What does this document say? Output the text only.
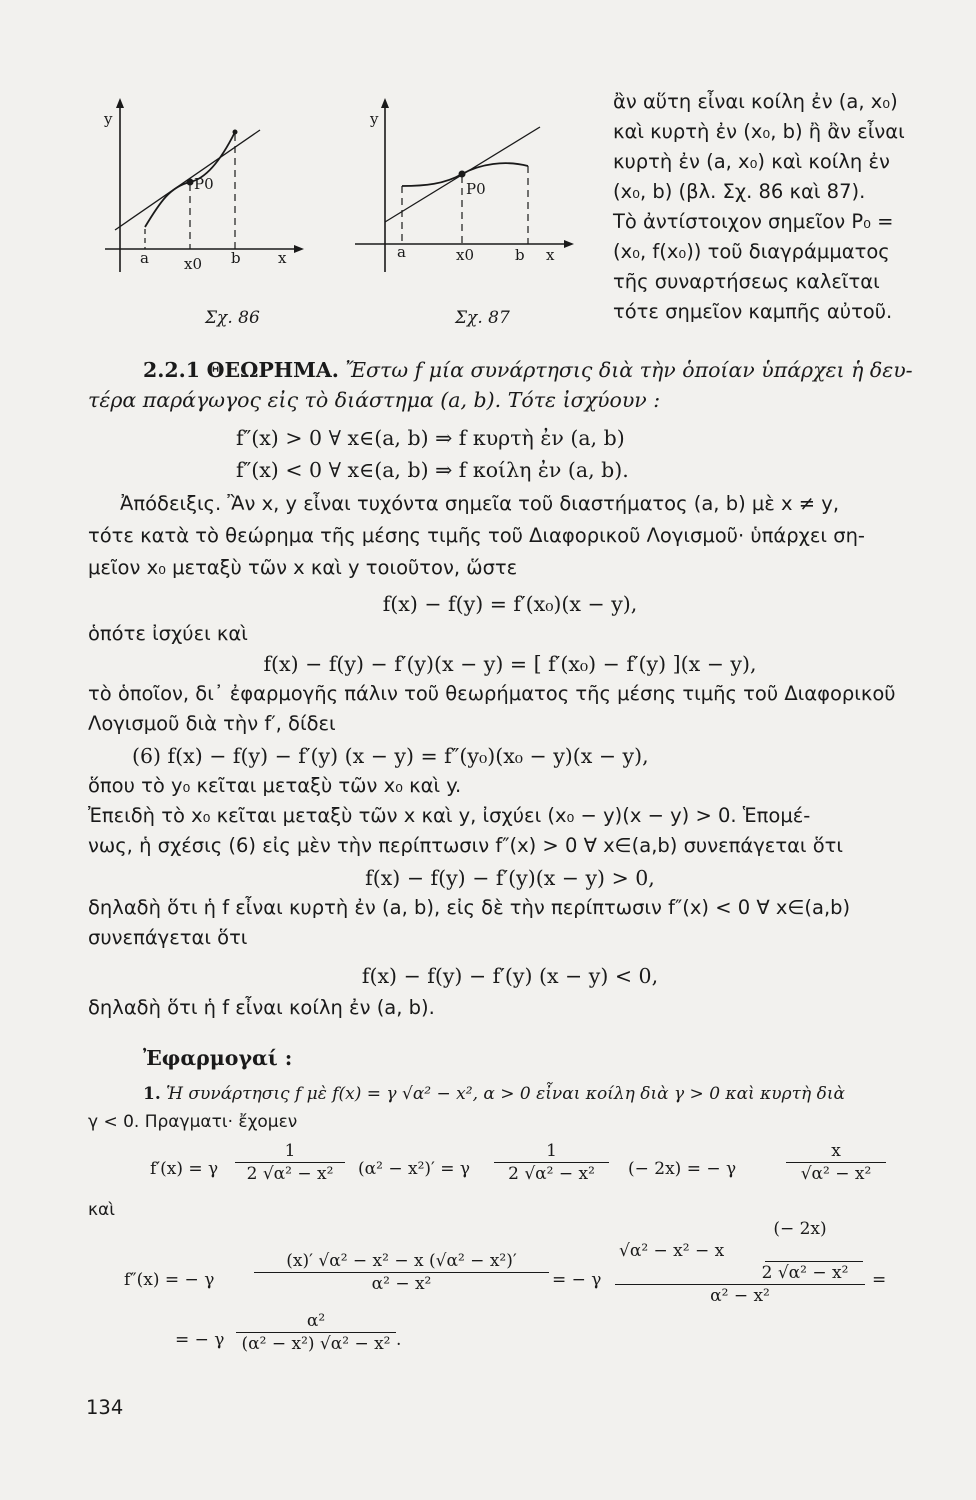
y
P0
a x0 b x
Σχ. 86
y
P0
a	x0	b x
Σχ. 87
ἂν αὕτη εἶναι κοίλη ἐν (a, x₀)
καὶ κυρτὴ ἐν (x₀, b) ἢ ἂν εἶναι
κυρτὴ ἐν (a, x₀) καὶ κοίλη ἐν
(x₀, b) (βλ. Σχ. 86 καὶ 87).
Τὸ ἀντίστοιχον σημεῖον P₀ =
(x₀, f(x₀)) τοῦ διαγράμματος
τῆς συναρτήσεως καλεῖται
τότε σημεῖον καμπῆς αὐτοῦ.
2.2.1 ΘΕΩΡΗΜΑ. Ἔστω f μία συνάρτησις διὰ τὴν ὁποίαν ὑπάρχει ἡ δευ-
τέρα παράγωγος εἰς τὸ διάστημα (a, b). Τότε ἰσχύουν :
f″(x) > 0 ∀ x∈(a, b) ⇒ f κυρτὴ ἐν (a, b)
f″(x) < 0 ∀ x∈(a, b) ⇒ f κοίλη ἐν (a, b).
Ἀπόδειξις. Ἂν x, y εἶναι τυχόντα σημεῖα τοῦ διαστήματος (a, b) μὲ x ≠ y,
τότε κατὰ τὸ θεώρημα τῆς μέσης τιμῆς τοῦ Διαφορικοῦ Λογισμοῦ· ὑπάρχει ση-
μεῖον x₀ μεταξὺ τῶν x καὶ y τοιοῦτον, ὥστε
f(x) − f(y) = f′(x₀)(x − y),
ὁπότε ἰσχύει καὶ
f(x) − f(y) − f′(y)(x − y) = [ f′(x₀) − f′(y) ](x − y),
τὸ ὁποῖον, δι᾽ ἐφαρμογῆς πάλιν τοῦ θεωρήματος τῆς μέσης τιμῆς τοῦ Διαφορικοῦ
Λογισμοῦ διὰ τὴν f′, δίδει
(6) f(x) − f(y) − f′(y) (x − y) = f″(y₀)(x₀ − y)(x − y),
ὅπου τὸ y₀ κεῖται μεταξὺ τῶν x₀ καὶ y.
Ἐπειδὴ τὸ x₀ κεῖται μεταξὺ τῶν x καὶ y, ἰσχύει (x₀ − y)(x − y) > 0. Ἑπομέ-
νως, ἡ σχέσις (6) εἰς μὲν τὴν περίπτωσιν f″(x) > 0 ∀ x∈(a,b) συνεπάγεται ὅτι
f(x) − f(y) − f′(y)(x − y) > 0,
δηλαδὴ ὅτι ἡ f εἶναι κυρτὴ ἐν (a, b), εἰς δὲ τὴν περίπτωσιν f″(x) < 0 ∀ x∈(a,b)
συνεπάγεται ὅτι
f(x) − f(y) − f′(y) (x − y) < 0,
δηλαδὴ ὅτι ἡ f εἶναι κοίλη ἐν (a, b).
Ἐφαρμογαί :
1. Ἡ συνάρτησις f μὲ f(x) = γ √α² − x², α > 0 εἶναι κοίλη διὰ γ > 0 καὶ κυρτὴ διὰ
γ < 0. Πραγματι· ἔχομεν
f′(x) = γ $\frac{1}{\text{2 √α² − x²}} (\alpha^2 - x^2)' = \gamma$	$\frac{1}{\text{2 √α² − x²}}$ (− 2x) = − γ	$\frac{x}{\text{√α² − x²}}$
καὶ
f″(x) = − γ	$\frac{\text{(x)′ √α² − x² − x (√α² − x²)′}}{\text{α² − x²}}$ = − γ
(− 2x)
√α² − x² − x
2 √α² − x²
α² − x²
=
= − γ $\frac{\text{α²}}{\text{(α² − x²) √α² − x²}}$ .
134
